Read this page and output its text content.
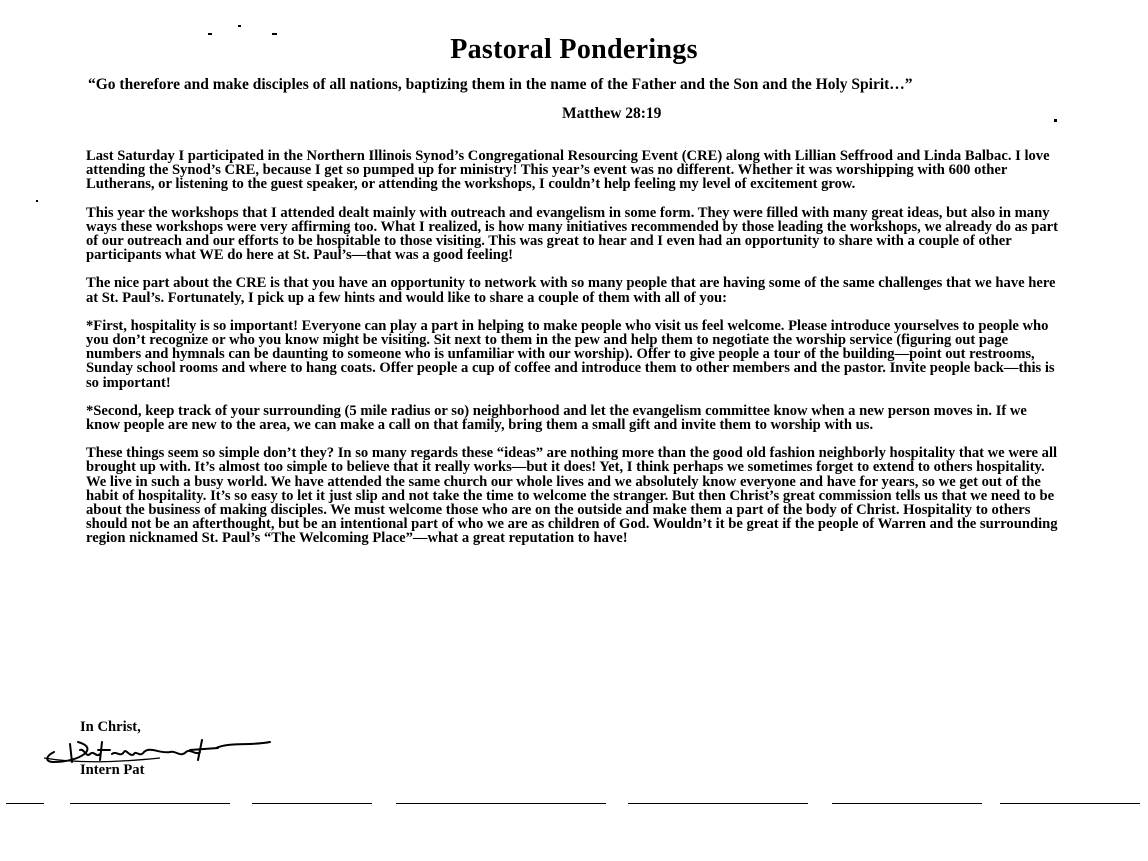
Pastoral Ponderings
“Go therefore and make disciples of all nations, baptizing them in the name of the Father and the Son and the Holy Spirit…”
Matthew 28:19

Last Saturday I participated in the Northern Illinois Synod’s Congregational Resourcing Event (CRE) along with Lillian Seffrood and Linda Balbac. I love attending the Synod’s CRE, because I get so pumped up for ministry! This year’s event was no different. Whether it was worshipping with 600 other Lutherans, or listening to the guest speaker, or attending the workshops, I couldn’t help feeling my level of excitement grow.

This year the workshops that I attended dealt mainly with outreach and evangelism in some form. They were filled with many great ideas, but also in many ways these workshops were very affirming too. What I realized, is how many initiatives recommended by those leading the workshops, we already do as part of our outreach and our efforts to be hospitable to those visiting. This was great to hear and I even had an opportunity to share with a couple of other participants what WE do here at St. Paul’s—that was a good feeling!

The nice part about the CRE is that you have an opportunity to network with so many people that are having some of the same challenges that we have here at St. Paul’s. Fortunately, I pick up a few hints and would like to share a couple of them with all of you:

*First, hospitality is so important! Everyone can play a part in helping to make people who visit us feel welcome. Please introduce yourselves to people who you don’t recognize or who you know might be visiting. Sit next to them in the pew and help them to negotiate the worship service (figuring out page numbers and hymnals can be daunting to someone who is unfamiliar with our worship). Offer to give people a tour of the building—point out restrooms, Sunday school rooms and where to hang coats. Offer people a cup of coffee and introduce them to other members and the pastor. Invite people back—this is so important!

*Second, keep track of your surrounding (5 mile radius or so) neighborhood and let the evangelism committee know when a new person moves in. If we know people are new to the area, we can make a call on that family, bring them a small gift and invite them to worship with us.

These things seem so simple don’t they? In so many regards these “ideas” are nothing more than the good old fashion neighborly hospitality that we were all brought up with. It’s almost too simple to believe that it really works—but it does! Yet, I think perhaps we sometimes forget to extend to others hospitality. We live in such a busy world. We have attended the same church our whole lives and we absolutely know everyone and have for years, so we get out of the habit of hospitality. It’s so easy to let it just slip and not take the time to welcome the stranger. But then Christ’s great commission tells us that we need to be about the business of making disciples. We must welcome those who are on the outside and make them a part of the body of Christ. Hospitality to others should not be an afterthought, but be an intentional part of who we are as children of God. Wouldn’t it be great if the people of Warren and the surrounding region nicknamed St. Paul’s “The Welcoming Place”—what a great reputation to have!

In Christ,
Intern Pat
